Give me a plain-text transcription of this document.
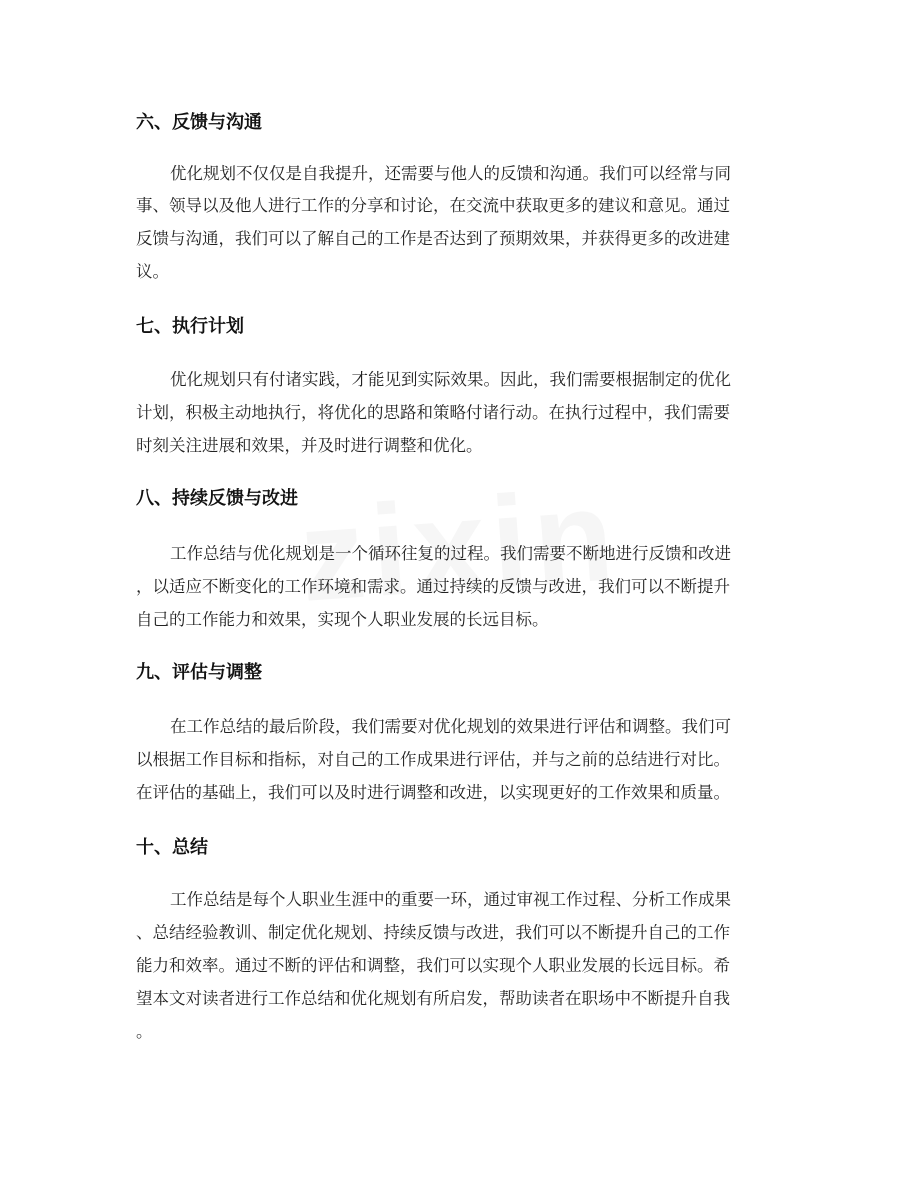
六、反馈与沟通

优化规划不仅仅是自我提升，还需要与他人的反馈和沟通。我们可以经常与同

事、领导以及他人进行工作的分享和讨论，在交流中获取更多的建议和意见。通过

反馈与沟通，我们可以了解自己的工作是否达到了预期效果，并获得更多的改进建

议。

七、执行计划

优化规划只有付诸实践，才能见到实际效果。因此，我们需要根据制定的优化

计划，积极主动地执行，将优化的思路和策略付诸行动。在执行过程中，我们需要

时刻关注进展和效果，并及时进行调整和优化。

八、持续反馈与改进

工作总结与优化规划是一个循环往复的过程。我们需要不断地进行反馈和改进

，以适应不断变化的工作环境和需求。通过持续的反馈与改进，我们可以不断提升

自己的工作能力和效果，实现个人职业发展的长远目标。

九、评估与调整

在工作总结的最后阶段，我们需要对优化规划的效果进行评估和调整。我们可

以根据工作目标和指标，对自己的工作成果进行评估，并与之前的总结进行对比。

在评估的基础上，我们可以及时进行调整和改进，以实现更好的工作效果和质量。

十、总结

工作总结是每个人职业生涯中的重要一环，通过审视工作过程、分析工作成果

、总结经验教训、制定优化规划、持续反馈与改进，我们可以不断提升自己的工作

能力和效率。通过不断的评估和调整，我们可以实现个人职业发展的长远目标。希

望本文对读者进行工作总结和优化规划有所启发，帮助读者在职场中不断提升自我

。
